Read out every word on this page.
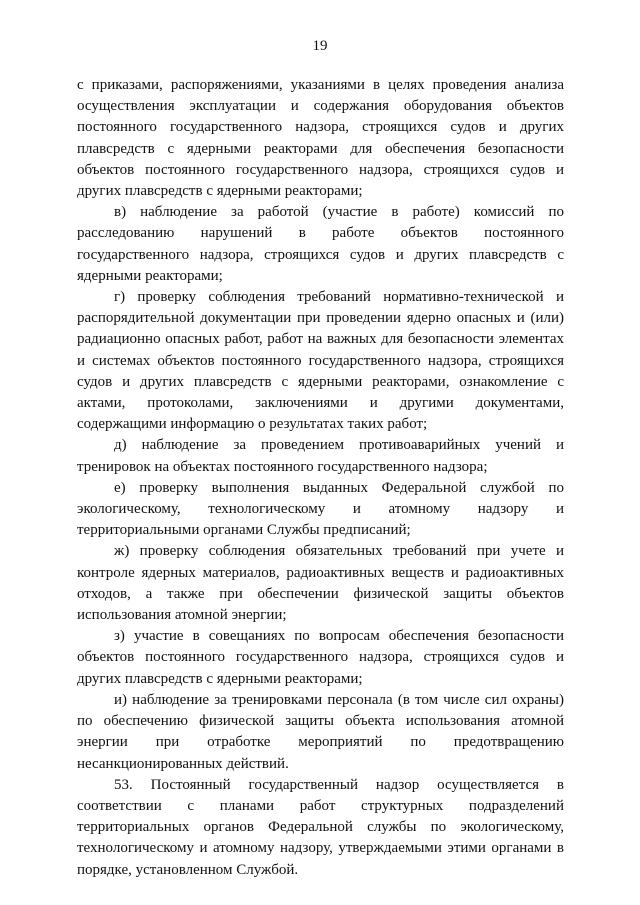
19

с приказами, распоряжениями, указаниями в целях проведения анализа осуществления эксплуатации и содержания оборудования объектов постоянного государственного надзора, строящихся судов и других плавсредств с ядерными реакторами для обеспечения безопасности объектов постоянного государственного надзора, строящихся судов и других плавсредств с ядерными реакторами;

в) наблюдение за работой (участие в работе) комиссий по расследованию нарушений в работе объектов постоянного государственного надзора, строящихся судов и других плавсредств с ядерными реакторами;

г) проверку соблюдения требований нормативно-технической и распорядительной документации при проведении ядерно опасных и (или) радиационно опасных работ, работ на важных для безопасности элементах и системах объектов постоянного государственного надзора, строящихся судов и других плавсредств с ядерными реакторами, ознакомление с актами, протоколами, заключениями и другими документами, содержащими информацию о результатах таких работ;

д) наблюдение за проведением противоаварийных учений и тренировок на объектах постоянного государственного надзора;

е) проверку выполнения выданных Федеральной службой по экологическому, технологическому и атомному надзору и территориальными органами Службы предписаний;

ж) проверку соблюдения обязательных требований при учете и контроле ядерных материалов, радиоактивных веществ и радиоактивных отходов, а также при обеспечении физической защиты объектов использования атомной энергии;

з) участие в совещаниях по вопросам обеспечения безопасности объектов постоянного государственного надзора, строящихся судов и других плавсредств с ядерными реакторами;

и) наблюдение за тренировками персонала (в том числе сил охраны) по обеспечению физической защиты объекта использования атомной энергии при отработке мероприятий по предотвращению несанкционированных действий.

53. Постоянный государственный надзор осуществляется в соответствии с планами работ структурных подразделений территориальных органов Федеральной службы по экологическому, технологическому и атомному надзору, утверждаемыми этими органами в порядке, установленном Службой.
